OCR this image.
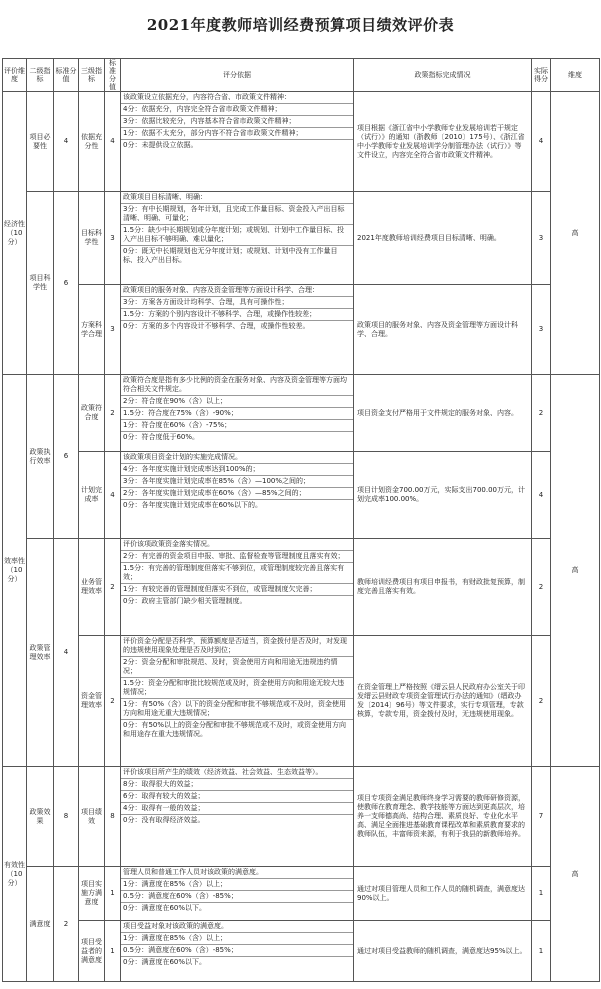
2021年度教师培训经费预算项目绩效评价表
评价维度	二级指标	标准分值	三级指标	标准分值	评分依据	政策指标完成情况	实际得分	维度
经济性（10分）	项目必要性	4	依据充分性	4	该政策设立依据充分，内容符合省、市政策文件精神：
4分：依据充分，内容完全符合省市政策文件精神；
3分：依据比较充分，内容基本符合省市政策文件精神；
1分：依据不太充分，部分内容不符合省市政策文件精神；
0分：未提供设立依据。	项目根据《浙江省中小学教师专业发展培训若干规定（试行）》的通知（浙教师〔2010〕175号）、《浙江省中小学教师专业发展培训学分制管理办法（试行）》等文件设立，内容完全符合省市政策文件精神。	4	高
	项目科学性	6	目标科学性	3	政策项目目标清晰、明确：
3分：有中长期规划，各年计划，且完成工作量目标、资金投入产出目标清晰、明确、可量化；
1.5分：缺少中长期规划或分年度计划；或规划、计划中工作量目标、投入产出目标不够明确、难以量化；
0分：既无中长期规划也无分年度计划；或规划、计划中没有工作量目标、投入产出目标。	2021年度教师培训经费项目目标清晰、明确。	3	
			方案科学合理	3	政策项目的服务对象、内容及资金管理等方面设计科学、合理：
3分：方案各方面设计均科学、合理，具有可操作性；
1.5分：方案的个别内容设计不够科学、合理，或操作性较差；
0分：方案的多个内容设计不够科学、合理，或操作性较差。	政策项目的服务对象、内容及资金管理等方面设计科学、合理。	3	
效率性（10分）	政策执行效率	6	政策符合度	2	政策符合度是指有多少比例的资金在服务对象、内容及资金管理等方面均符合相关文件规定。
2分：符合度在90%（含）以上；
1.5分：符合度在75%（含）-90%；
1分：符合度在60%（含）-75%；
0分：符合度低于60%。	项目资金支付严格用于文件规定的服务对象、内容。	2	高
			计划完成率	4	该政策项目资金计划的实施完成情况。
4分：各年度实施计划完成率达到100%的；
3分：各年度实施计划完成率在85%（含）—100%之间的；
2分：各年度实施计划完成率在60%（含）—85%之间的；
0分：各年度实施计划完成率在60%以下的。	项目计划资金700.00万元，实际支出700.00万元，计划完成率100.00%。	4	
	政策管理效率	4	业务管理效率	2	评价该项政策资金落实情况。
2分：有完善的资金项目申报、审批、监督检查等管理制度且落实有效；
1.5分：有完善的管理制度但落实不够到位，或管理制度较完善且落实有效；
1分：有较完善的管理制度但落实不到位，或管理制度欠完善；
0分：政府主管部门缺少相关管理制度。	教师培训经费项目有项目申报书，有财政批复预算，制度完善且落实有效。	2	
			资金管理效率	2	评价资金分配是否科学，预算额度是否适当，资金拨付是否及时，对发现的违规使用现象处理是否及时到位；
2分：资金分配和审批规范、及时，资金使用方向和用途无违规违约情况；
1.5分：资金分配和审批比较规范或及时，资金使用方向和用途无较大违规情况；
1分：有50%（含）以下的资金分配和审批不够规范或不及时，资金使用方向和用途无重大违规情况；
0分：有50%以上的资金分配和审批不够规范或不及时，或资金使用方向和用途存在重大违规情况。	在资金管理上严格按照《缙云县人民政府办公室关于印发缙云县财政专项资金管理试行办法的通知》（缙政办发〔2014〕96号）等文件要求，实行专项管理，专款核算，专款专用，资金拨付及时，无违规使用现象。	2	
有效性（10分）	政策效果	8	项目绩效	8	评价该项目所产生的绩效（经济效益、社会效益、生态效益等）。
8分：取得很大的效益；
6分：取得有较大的效益；
4分：取得有一般的效益；
0分：没有取得经济效益。	项目专项资金满足教师终身学习需要的教师研修资源，使教师在教育理念、教学技能等方面达到更高层次，培养一支师德高尚、结构合理、素质良好、专业化水平高、满足全面推进基础教育课程改革和素质教育要求的教师队伍，丰富师资来源，有利于我县的新教师培养。	7	高
	满意度	2	项目实施方满意度	1	管理人员和普通工作人员对该政策的满意度。
1分：满意度在85%（含）以上；
0.5分：满意度在60%（含）-85%；
0分：满意度在60%以下。	通过对项目管理人员和工作人员的随机调查，满意度达90%以上。	1	
			项目受益者的满意度	1	项目受益对象对该政策的满意度。
1分：满意度在85%（含）以上；
0.5分：满意度在60%（含）-85%；
0分：满意度在60%以下。	通过对项目受益教师的随机调查，满意度达95%以上。	1	
